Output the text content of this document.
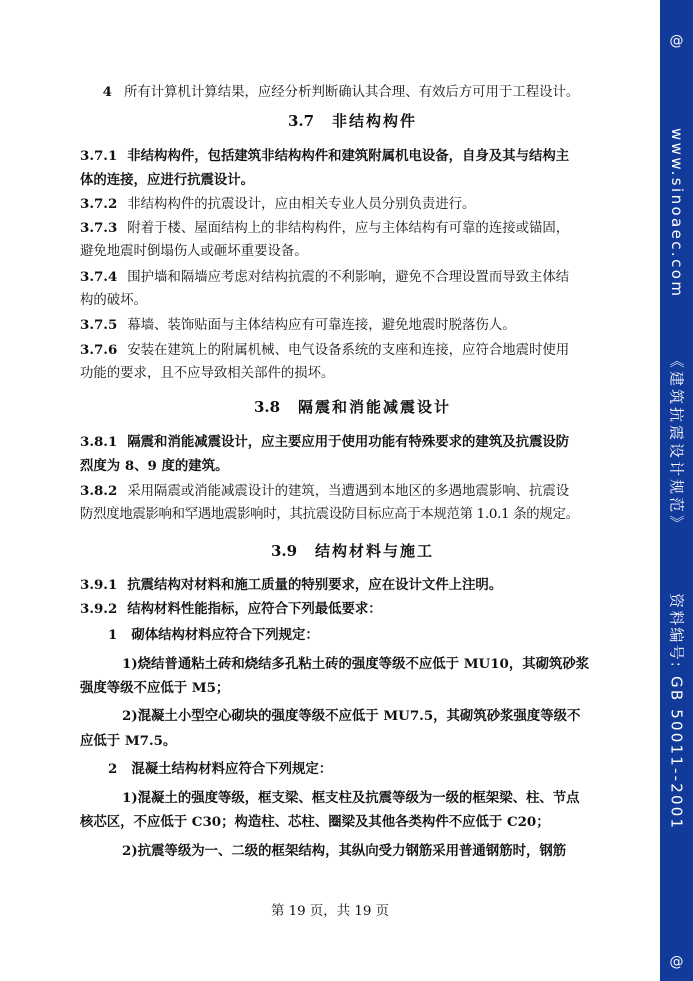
4 所有计算机计算结果，应经分析判断确认其合理、有效后方可用于工程设计。
3.7 非结构构件
3.7.1 非结构构件，包括建筑非结构构件和建筑附属机电设备，自身及其与结构主
体的连接，应进行抗震设计。
3.7.2 非结构构件的抗震设计，应由相关专业人员分别负责进行。
3.7.3 附着于楼、屋面结构上的非结构构件，应与主体结构有可靠的连接或锚固，
避免地震时倒塌伤人或砸坏重要设备。
3.7.4 围护墙和隔墙应考虑对结构抗震的不利影响，避免不合理设置而导致主体结
构的破坏。
3.7.5 幕墙、装饰贴面与主体结构应有可靠连接，避免地震时脱落伤人。
3.7.6 安装在建筑上的附属机械、电气设备系统的支座和连接，应符合地震时使用
功能的要求，且不应导致相关部件的损坏。
3.8 隔震和消能减震设计
3.8.1 隔震和消能减震设计，应主要应用于使用功能有特殊要求的建筑及抗震设防
烈度为 8、9 度的建筑。
3.8.2 采用隔震或消能减震设计的建筑，当遭遇到本地区的多遇地震影响、抗震设
防烈度地震影响和罕遇地震影响时，其抗震设防目标应高于本规范第 1.0.1 条的规定。
3.9 结构材料与施工
3.9.1 抗震结构对材料和施工质量的特别要求，应在设计文件上注明。
3.9.2 结构材料性能指标，应符合下列最低要求：
1 砌体结构材料应符合下列规定：
1)烧结普通粘土砖和烧结多孔粘土砖的强度等级不应低于 MU10，其砌筑砂浆
强度等级不应低于 M5；
2)混凝土小型空心砌块的强度等级不应低于 MU7.5，其砌筑砂浆强度等级不
应低于 M7.5。
2 混凝土结构材料应符合下列规定：
1)混凝土的强度等级，框支梁、框支柱及抗震等级为一级的框架梁、柱、节点
核芯区，不应低于 C30；构造柱、芯柱、圈梁及其他各类构件不应低于 C20；
2)抗震等级为一、二级的框架结构，其纵向受力钢筋采用普通钢筋时，钢筋
第 19 页，共 19 页
@
www.sinoaec.com
《建筑抗震设计规范》
资料编号: GB 50011--2001
@
